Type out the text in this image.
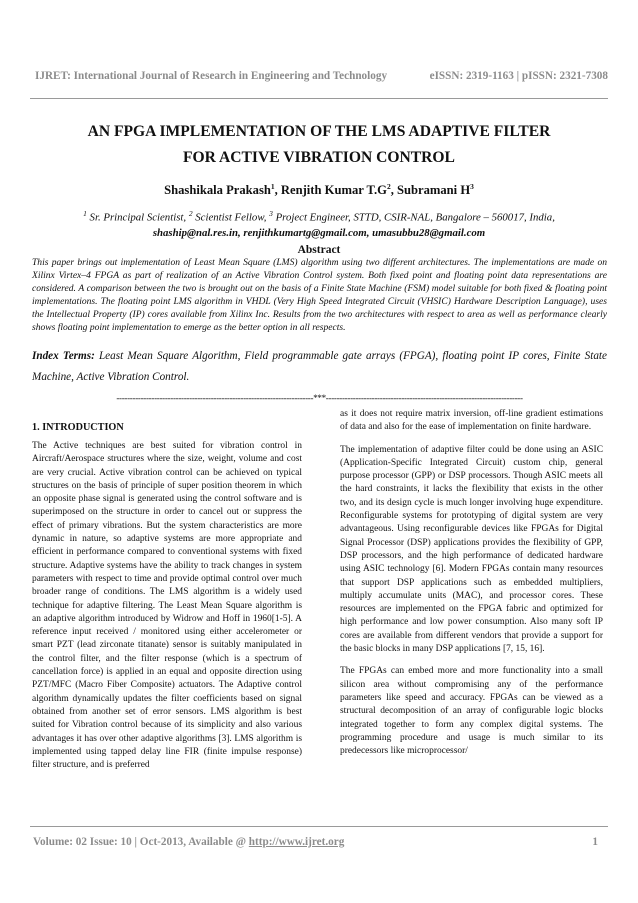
IJRET: International Journal of Research in Engineering and Technology	eISSN: 2319-1163 | pISSN: 2321-7308
AN FPGA IMPLEMENTATION OF THE LMS ADAPTIVE FILTER
FOR ACTIVE VIBRATION CONTROL
Shashikala Prakash$^1$, Renjith Kumar $T.G^2$, Subramani $H^3$
$^1$ Sr. Principal Scientist, $^2$ Scientist Fellow, $^3$ Project Engineer, STTD, CSIR-NAL, Bangalore – 560017, India,
shaship@nal.res.in, renjithkumartg@gmail.com, umasubbu28@gmail.com
Abstract

This paper brings out implementation of Least Mean Square (LMS) algorithm using two different architectures. The implementations are made on Xilinx Virtex–4 FPGA as part of realization of an Active Vibration Control system. Both fixed point and floating point data representations are considered. A comparison between the two is brought out on the basis of a Finite State Machine (FSM) model suitable for both fixed & floating point implementations. The floating point LMS algorithm in VHDL (Very High Speed Integrated Circuit (VHSIC) Hardware Description Language), uses the Intellectual Property (IP) cores available from Xilinx Inc. Results from the two architectures with respect to area as well as performance clearly shows floating point implementation to emerge as the better option in all respects.

Index Terms: Least Mean Square Algorithm, Field programmable gate arrays (FPGA), floating point IP cores, Finite State Machine, Active Vibration Control.

-------------------------------------------------------------------------***-------------------------------------------------------------------------
1. INTRODUCTION

The Active techniques are best suited for vibration control in Aircraft/Aerospace structures where the size, weight, volume and cost are very crucial. Active vibration control can be achieved on typical structures on the basis of principle of super position theorem in which an opposite phase signal is generated using the control software and is superimposed on the structure in order to cancel out or suppress the effect of primary vibrations. But the system characteristics are more dynamic in nature, so adaptive systems are more appropriate and efficient in performance compared to conventional systems with fixed structure. Adaptive systems have the ability to track changes in system parameters with respect to time and provide optimal control over much broader range of conditions. The LMS algorithm is a widely used technique for adaptive filtering. The Least Mean Square algorithm is an adaptive algorithm introduced by Widrow and Hoff in 1960[1-5]. A reference input received / monitored using either accelerometer or smart PZT (lead zirconate titanate) sensor is suitably manipulated in the control filter, and the filter response (which is a spectrum of cancellation force) is applied in an equal and opposite direction using PZT/MFC (Macro Fiber Composite) actuators. The Adaptive control algorithm dynamically updates the filter coefficients based on signal obtained from another set of error sensors. LMS algorithm is best suited for Vibration control because of its simplicity and also various advantages it has over other adaptive algorithms [3]. LMS algorithm is implemented using tapped delay line FIR (finite impulse response) filter structure, and is preferred

as it does not require matrix inversion, off-line gradient estimations of data and also for the ease of implementation on finite hardware.

The implementation of adaptive filter could be done using an ASIC (Application-Specific Integrated Circuit) custom chip, general purpose processor (GPP) or DSP processors. Though ASIC meets all the hard constraints, it lacks the flexibility that exists in the other two, and its design cycle is much longer involving huge expenditure. Reconfigurable systems for prototyping of digital system are very advantageous. Using reconfigurable devices like FPGAs for Digital Signal Processor (DSP) applications provides the flexibility of GPP, DSP processors, and the high performance of dedicated hardware using ASIC technology [6]. Modern FPGAs contain many resources that support DSP applications such as embedded multipliers, multiply accumulate units (MAC), and processor cores. These resources are implemented on the FPGA fabric and optimized for high performance and low power consumption. Also many soft IP cores are available from different vendors that provide a support for the basic blocks in many DSP applications [7, 15, 16].

The FPGAs can embed more and more functionality into a small silicon area without compromising any of the performance parameters like speed and accuracy. FPGAs can be viewed as a structural decomposition of an array of configurable logic blocks integrated together to form any complex digital systems. The programming procedure and usage is much similar to its predecessors like microprocessor/

Volume: 02 Issue: 10 | Oct-2013, Available @ http://www.ijret.org	1
